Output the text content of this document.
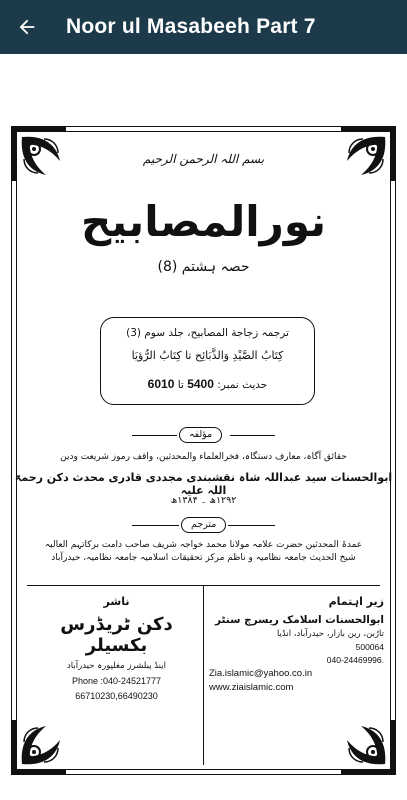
Noor ul Masabeeh Part 7
بسم اللہ الرحمن الرحیم
نورالمصابیح
حصہ ہشتم (8)
ترجمہ زجاجة المصابیح، جلد سوم (3)
كِتَابُ الصَّيْدِ وَالذَّبَائِح تا كِتَابُ الرُّؤيَا
حدیث نمبر: 5400 تا 6010
مؤلفہ
حقائق آگاہ، معارف دستگاہ، فخرالعلماء والمحدثین، واقف رموز شریعت ودین
ابوالحسنات سید عبداللہ شاہ نقشبندی مجددی قادری محدث دکن رحمۃ اللہ علیہ
۱۲۹۲ھ ۔ ۱۳۸۴ھ
مترجم
عمدۃ المحدثین حضرت علامہ مولانا محمد خواجہ شریف صاحب دامت برکاتہم العالیہ
شیخ الحدیث جامعہ نظامیہ و ناظم مرکز تحقیقات اسلامیہ جامعہ نظامیہ، حیدرآباد
زیر اہتمام
ابوالحسنات اسلامک ریسرچ سنٹر
تاڑبن، رین بازار، حیدرآباد، انڈیا
500064
040-24469996.
Zia.islamic@yahoo.co.in
www.ziaislamic.com
ناشر
دکن ٹریڈرس بکسیلر
اینڈ پبلشرز مغلپورہ حیدرآباد
Phone :040-24521777
66710230,66490230
